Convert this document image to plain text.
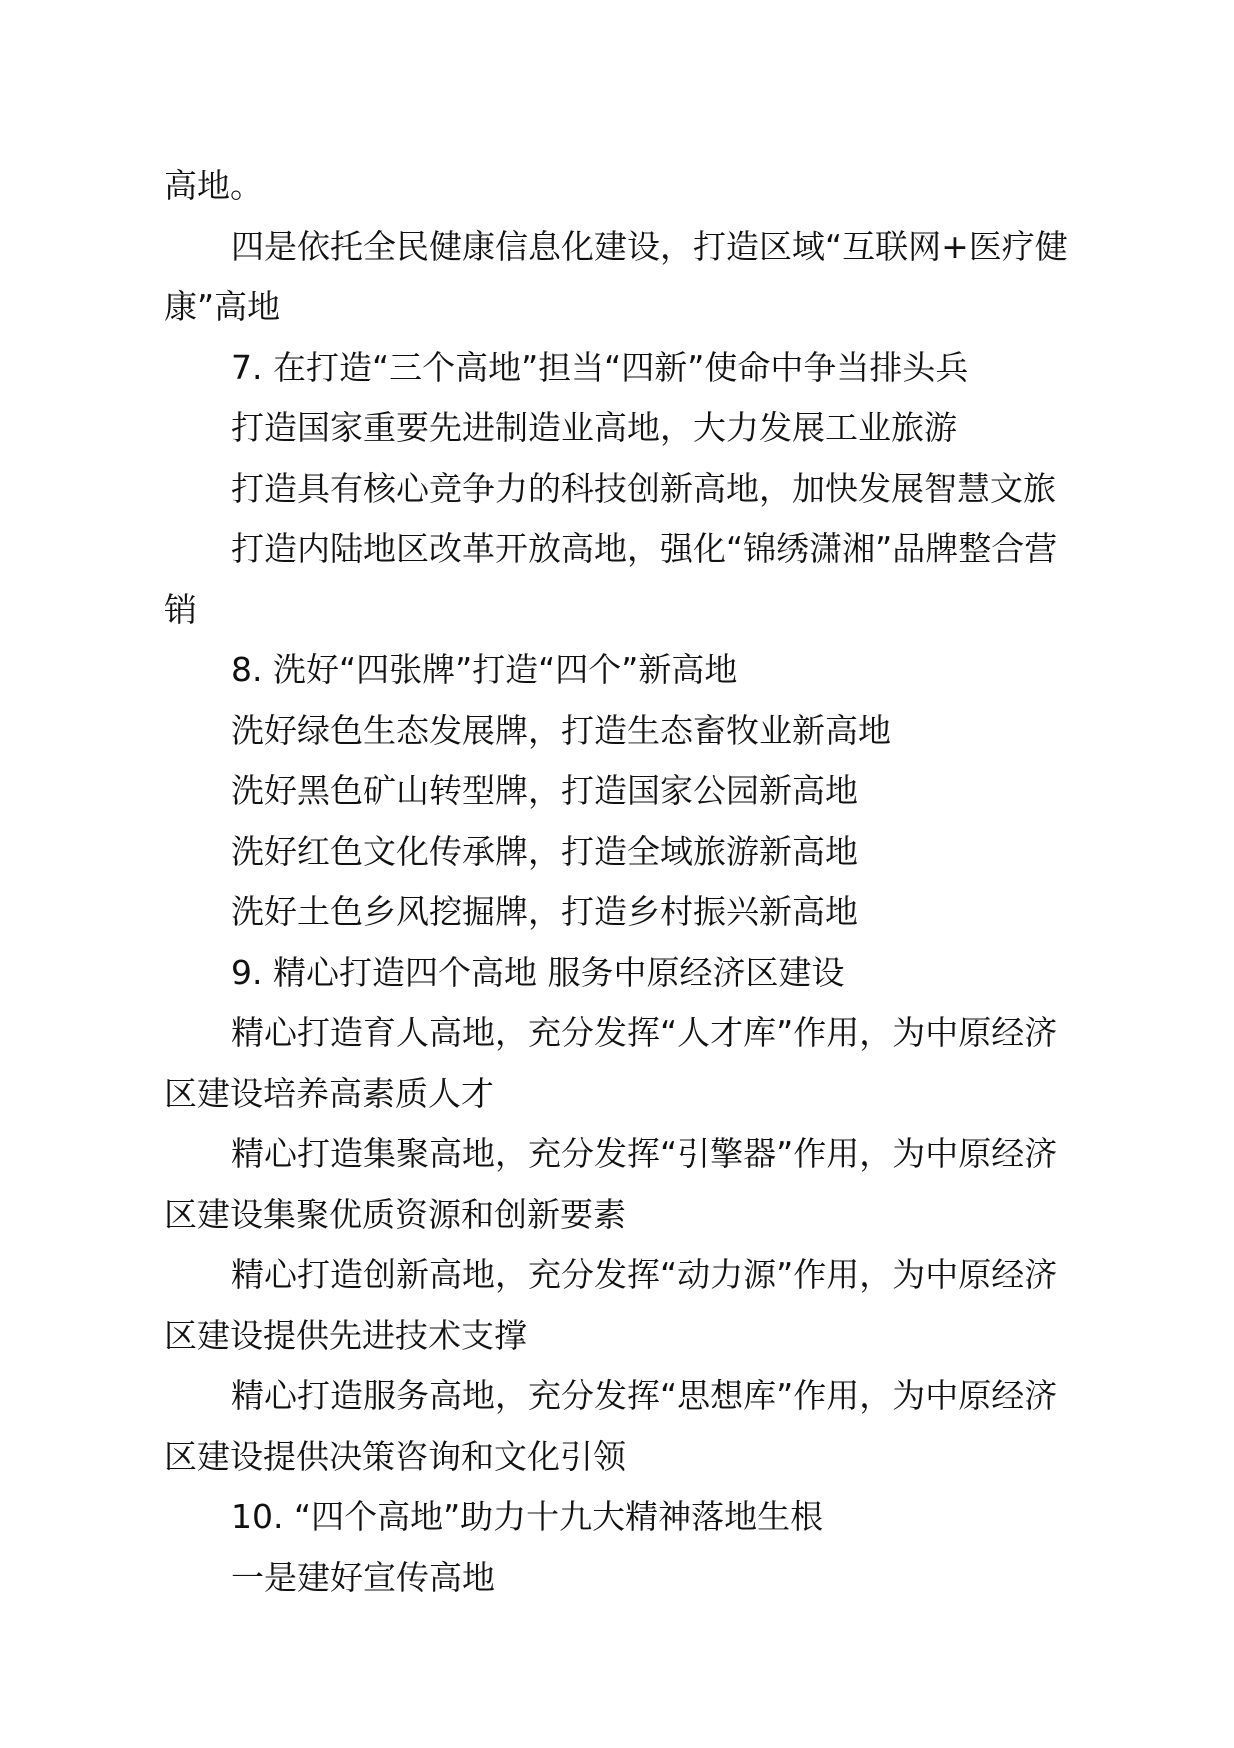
高地。
四是依托全民健康信息化建设，打造区域“互联网+医疗健
康”高地
7. 在打造“三个高地”担当“四新”使命中争当排头兵
打造国家重要先进制造业高地，大力发展工业旅游
打造具有核心竞争力的科技创新高地，加快发展智慧文旅
打造内陆地区改革开放高地，强化“锦绣潇湘”品牌整合营
销
8. 洗好“四张牌”打造“四个”新高地
洗好绿色生态发展牌，打造生态畜牧业新高地
洗好黑色矿山转型牌，打造国家公园新高地
洗好红色文化传承牌，打造全域旅游新高地
洗好土色乡风挖掘牌，打造乡村振兴新高地
9. 精心打造四个高地 服务中原经济区建设
精心打造育人高地，充分发挥“人才库”作用，为中原经济
区建设培养高素质人才
精心打造集聚高地，充分发挥“引擎器”作用，为中原经济
区建设集聚优质资源和创新要素
精心打造创新高地，充分发挥“动力源”作用，为中原经济
区建设提供先进技术支撑
精心打造服务高地，充分发挥“思想库”作用，为中原经济
区建设提供决策咨询和文化引领
10. “四个高地”助力十九大精神落地生根
一是建好宣传高地
